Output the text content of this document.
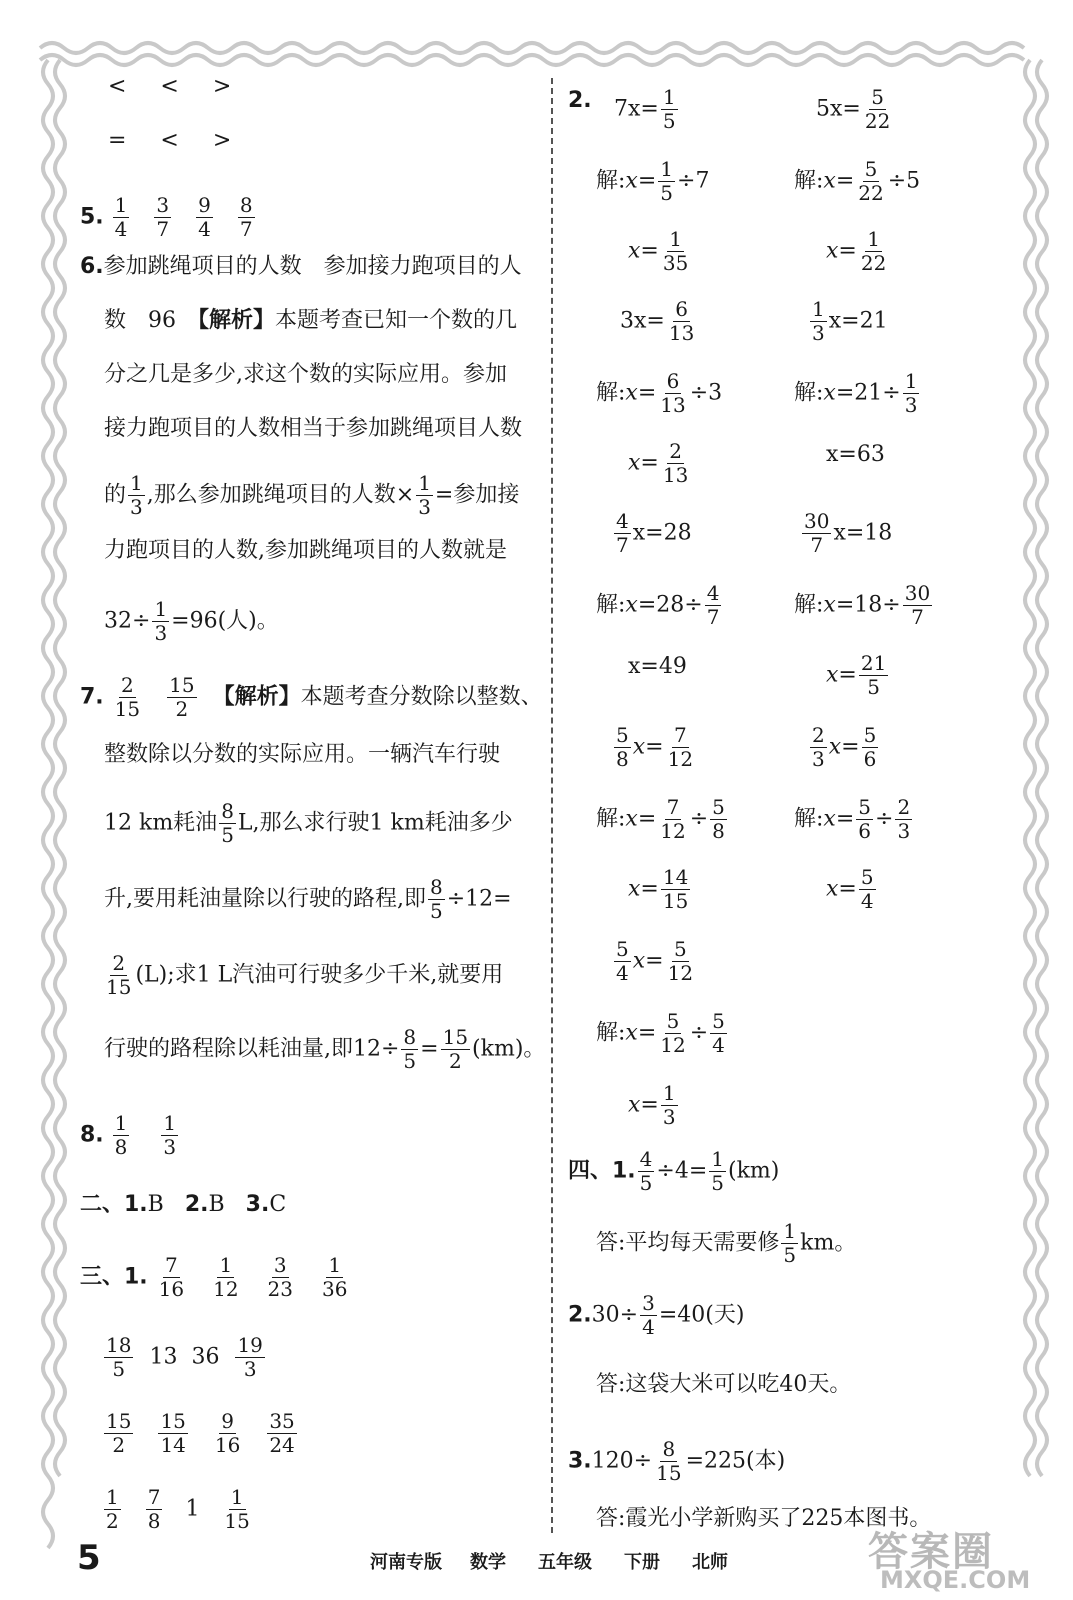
<　<　>
=　<　>
5. $\frac{1}{4}$
$\frac{3}{7}$
$\frac{9}{4}$
$\frac{8}{7}$
6.参加跳绳项目的人数　参加接力跑项目的人
数　96　【解析】本题考查已知一个数的几
分之几是多少,求这个数的实际应用。参加
接力跑项目的人数相当于参加跳绳项目人数
的 $\frac{1}{3}$ ,那么参加跳绳项目的人数× $\frac{1}{3}$ =参加接
力跑项目的人数,参加跳绳项目的人数就是
$32\div \frac{1}{3} =96$(人)。
7. $\frac{2}{15}$
$\frac{15}{2}$ 【解析】本题考查分数除以整数、
整数除以分数的实际应用。一辆汽车行驶
12 km耗油 $\frac{8}{5} L$,那么求行驶1 km耗油多少
升,要用耗油量除以行驶的路程,即 $\frac{8}{5} \div 12=$
$\frac{2}{15} (L)$;求1 L汽油可行驶多少千米,就要用
行驶的路程除以耗油量,即$12\div \frac{8}{5} = \frac{15}{2} (km)$。
8. $\frac{1}{8}$
$\frac{1}{3}$
二、1.B 2.B 3.C
三、1. $\frac{7}{16}$
$\frac{1}{12}$
$\frac{3}{23}$
$\frac{1}{36}$
$\frac{18}{5} 13$ $36 \frac{19}{3}$
$\frac{15}{2}$
$\frac{15}{14}$
$\frac{9}{16}$
$\frac{35}{24}$
$\frac{1}{2}$
$\frac{7}{8} 1 \frac{1}{15}$
2. $7x= \frac{1}{5}$
解:x= $\frac{1}{5} \div 7$
$x= \frac{1}{35}$
$5x= \frac{5}{22}$
解:x= $\frac{5}{22} \div 5$
$x= \frac{1}{22}$
$3x= \frac{6}{13}$
解:x= $\frac{6}{13} \div 3$
$x= \frac{2}{13}$
$\frac{1}{3} x=21$
解:x=21÷ $\frac{1}{3}$
x=63
$\frac{4}{7} x=28$
解:x=28÷ $\frac{4}{7}$
x=49
$\frac{30}{7} x=18$
解:x=18÷ $\frac{30}{7}$
$x= \frac{21}{5}$
$\frac{5}{8} x= \frac{7}{12}$
解:x= $\frac{7}{12} \div \frac{5}{8}$
$x= \frac{14}{15}$
$\frac{2}{3} x= \frac{5}{6}$
解:x= $\frac{5}{6} \div \frac{2}{3}$
$x= \frac{5}{4}$
$\frac{5}{4} x= \frac{5}{12}$
解:x= $\frac{5}{12} \div \frac{5}{4}$
$x= \frac{1}{3}$
四、1. $\frac{4}{5} \div 4= \frac{1}{5} (km)$
答:平均每天需要修 $\frac{1}{5}$ km。
$2.30\div \frac{3}{4} =40$(天)
答:这袋大米可以吃40天。
$3.120\div \frac{8}{15} =225$(本)
答:霞光小学新购买了225本图书。
答案圈
MXQE.COM
5	河南专版 数学 五年级 下册 北师
